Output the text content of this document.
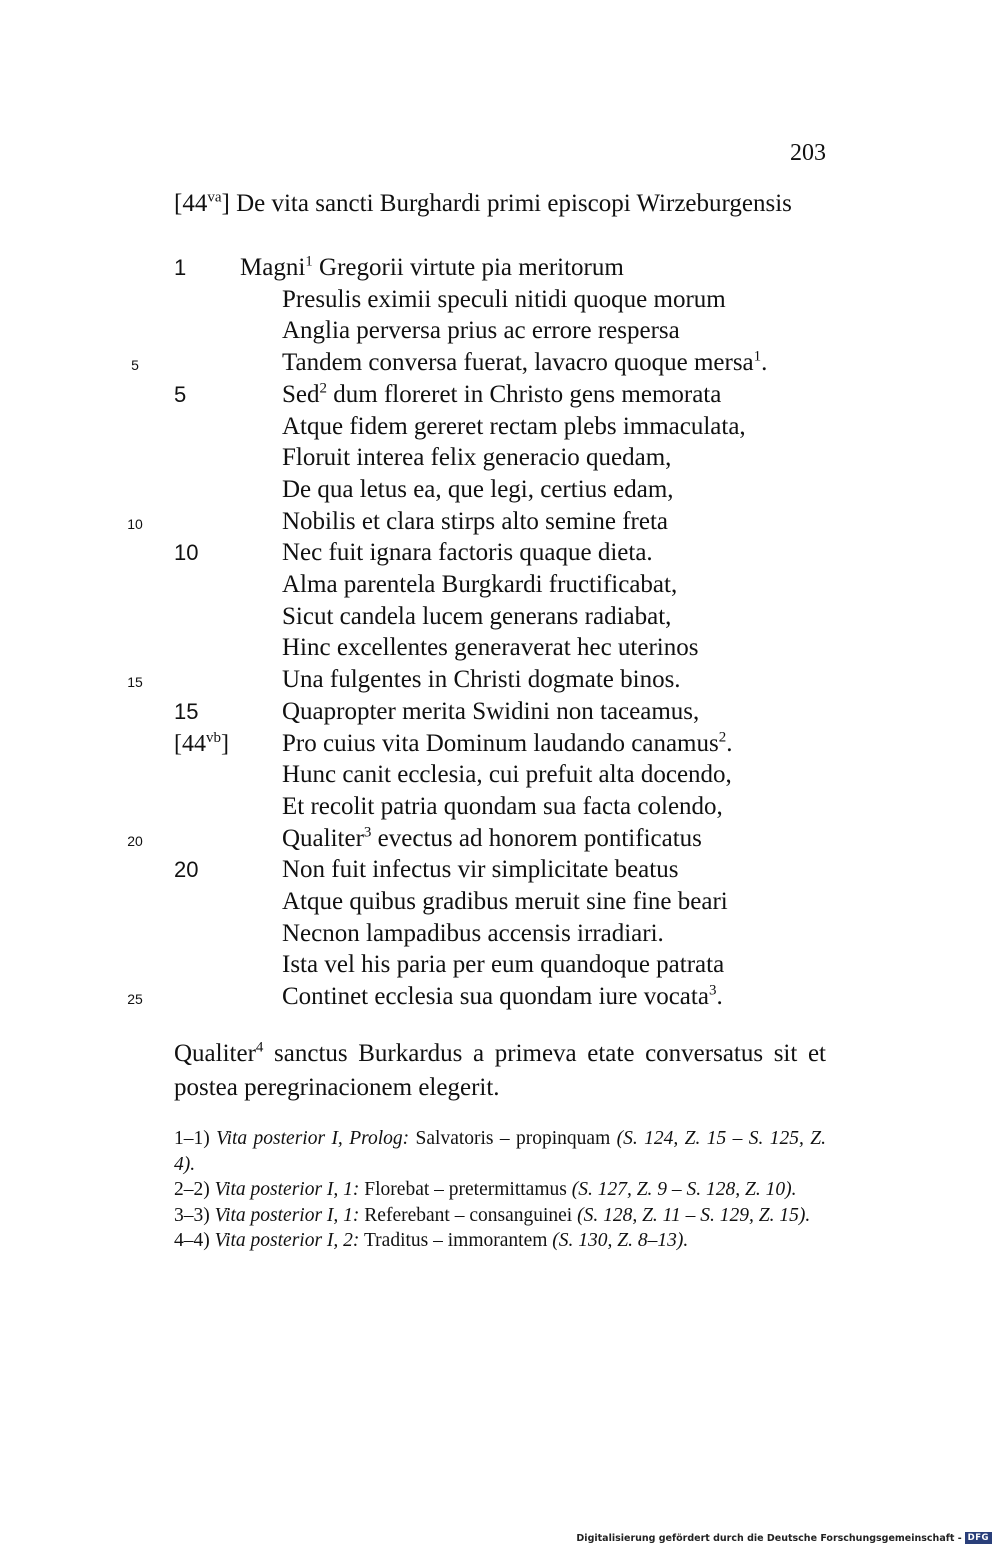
203
$[44^{va}]$ De vita sancti Burghardi primi episcopi Wirzeburgensis
1 Magni$^1$ Gregorii virtute pia meritorum
Presulis eximii speculi nitidi quoque morum
Anglia perversa prius ac errore respersa
5	Tandem conversa fuerat, lavacro quoque mersa$^1$.
5	Sed$^2$ dum floreret in Christo gens memorata
Atque fidem gereret rectam plebs immaculata,
Floruit interea felix generacio quedam,
De qua letus ea, que legi, certius edam,
10	Nobilis et clara stirps alto semine freta
10	Nec fuit ignara factoris quaque dieta.
Alma parentela Burgkardi fructificabat,
Sicut candela lucem generans radiabat,
Hinc excellentes generaverat hec uterinos
15	Una fulgentes in Christi dogmate binos.
15	Quapropter merita Swidini non taceamus,
$[44^{vb}]$ Pro cuius vita Dominum laudando canamus$^2$.
Hunc canit ecclesia, cui prefuit alta docendo,
Et recolit patria quondam sua facta colendo,
20	Qualiter$^3$ evectus ad honorem pontificatus
20	Non fuit infectus vir simplicitate beatus
Atque quibus gradibus meruit sine fine beari
Necnon lampadibus accensis irradiari.
Ista vel his paria per eum quandoque patrata
25	Continet ecclesia sua quondam iure vocata$^3$.
Qualiter$^4$ sanctus Burkardus a primeva etate conversatus sit et postea peregrinacionem elegerit.

1–1) Vita posterior I, Prolog: Salvatoris – propinquam (S. 124, Z. 15 – S. 125, Z. 4).

2–2) Vita posterior I, 1: Florebat – pretermittamus (S. 127, Z. 9 – S. 128, Z. 10).

3–3) Vita posterior I, 1: Referebant – consanguinei (S. 128, Z. 11 – S. 129, Z. 15).

4–4) Vita posterior I, 2: Traditus – immorantem (S. 130, Z. 8–13).

Digitalisierung gefördert durch die Deutsche Forschungsgemeinschaft - DFG
